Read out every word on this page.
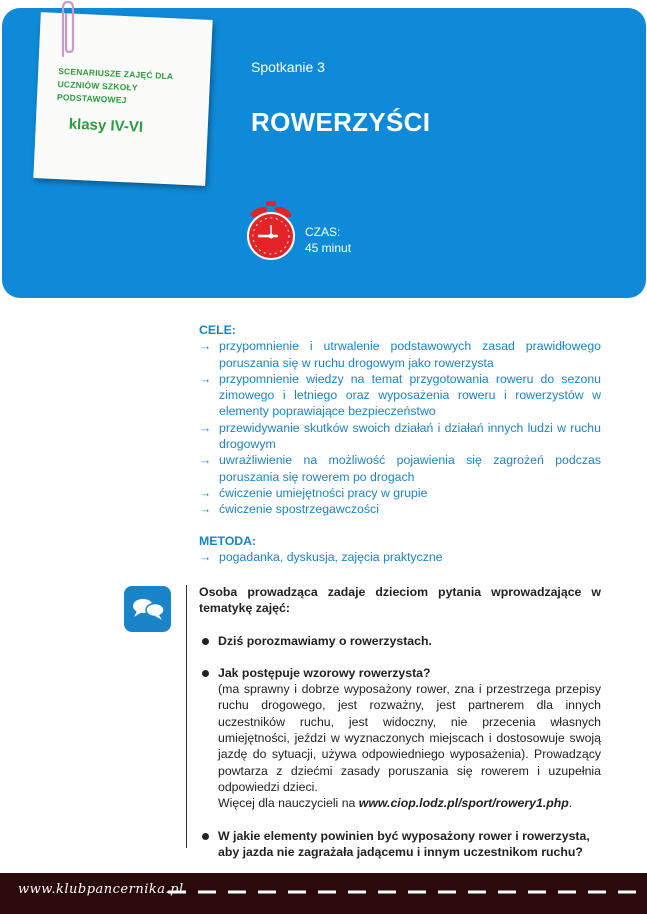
SCENARIUSZE ZAJĘĆ DLA UCZNIÓW SZKOŁY PODSTAWOWEJ
klasy IV-VI
Spotkanie 3
ROWERZYŚCI
CZAS:
45 minut
CELE:
→ przypomnienie i utrwalenie podstawowych zasad prawidłowego poruszania się w ruchu drogowym jako rowerzysta
→ przypomnienie wiedzy na temat przygotowania roweru do sezonu zimowego i letniego oraz wyposażenia roweru i rowerzystów w elementy poprawiające bezpieczeństwo
→ przewidywanie skutków swoich działań i działań innych ludzi w ruchu drogowym
→ uwrażliwienie na możliwość pojawienia się zagrożeń podczas poruszania się rowerem po drogach
→ ćwiczenie umiejętności pracy w grupie
→ ćwiczenie spostrzegawczości
METODA:
→ pogadanka, dyskusja, zajęcia praktyczne
Osoba prowadząca zadaje dzieciom pytania wprowadzające w tematykę zajęć:
Dziś porozmawiamy o rowerzystach.
Jak postępuje wzorowy rowerzysta?
(ma sprawny i dobrze wyposażony rower, zna i przestrzega przepisy ruchu drogowego, jest rozważny, jest partnerem dla innych uczestników ruchu, jest widoczny, nie przecenia własnych umiejętności, jeździ w wyznaczonych miejscach i dostosowuje swoją jazdę do sytuacji, używa odpowiedniego wyposażenia). Prowadzący powtarza z dziećmi zasady poruszania się rowerem i uzupełnia odpowiedzi dzieci.
Więcej dla nauczycieli na www.ciop.lodz.pl/sport/rowery1.php.
W jakie elementy powinien być wyposażony rower i rowerzysta, aby jazda nie zagrażała jadącemu i innym uczestnikom ruchu?
www.klubpancernika.pl
